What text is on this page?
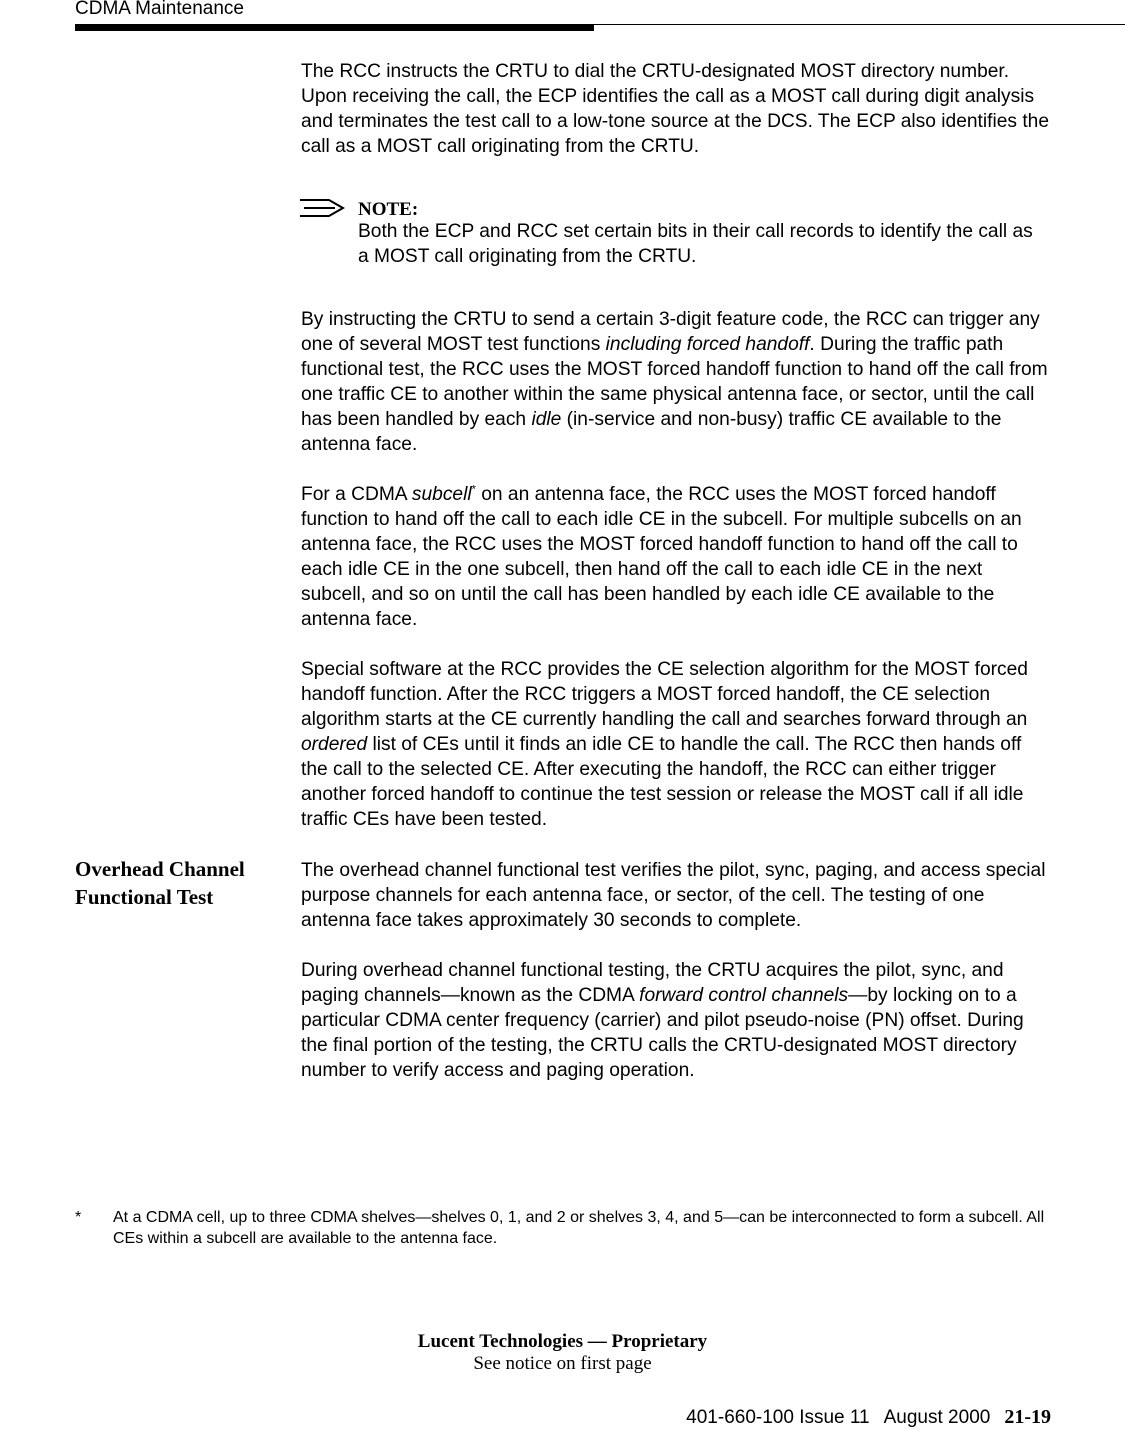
CDMA Maintenance

The RCC instructs the CRTU to dial the CRTU-designated MOST directory number. Upon receiving the call, the ECP identifies the call as a MOST call during digit analysis and terminates the test call to a low-tone source at the DCS. The ECP also identifies the call as a MOST call originating from the CRTU.

NOTE:

Both the ECP and RCC set certain bits in their call records to identify the call as a MOST call originating from the CRTU.

By instructing the CRTU to send a certain 3-digit feature code, the RCC can trigger any one of several MOST test functions including forced handoff. During the traffic path functional test, the RCC uses the MOST forced handoff function to hand off the call from one traffic CE to another within the same physical antenna face, or sector, until the call has been handled by each idle (in-service and non-busy) traffic CE available to the antenna face.

For a CDMA subcell* on an antenna face, the RCC uses the MOST forced handoff function to hand off the call to each idle CE in the subcell. For multiple subcells on an antenna face, the RCC uses the MOST forced handoff function to hand off the call to each idle CE in the one subcell, then hand off the call to each idle CE in the next subcell, and so on until the call has been handled by each idle CE available to the antenna face.

Special software at the RCC provides the CE selection algorithm for the MOST forced handoff function. After the RCC triggers a MOST forced handoff, the CE selection algorithm starts at the CE currently handling the call and searches forward through an ordered list of CEs until it finds an idle CE to handle the call. The RCC then hands off the call to the selected CE. After executing the handoff, the RCC can either trigger another forced handoff to continue the test session or release the MOST call if all idle traffic CEs have been tested.

Overhead Channel
Functional Test

The overhead channel functional test verifies the pilot, sync, paging, and access special purpose channels for each antenna face, or sector, of the cell. The testing of one antenna face takes approximately 30 seconds to complete.

During overhead channel functional testing, the CRTU acquires the pilot, sync, and paging channels—known as the CDMA forward control channels—by locking on to a particular CDMA center frequency (carrier) and pilot pseudo-noise (PN) offset. During the final portion of the testing, the CRTU calls the CRTU-designated MOST directory number to verify access and paging operation.

* At a CDMA cell, up to three CDMA shelves—shelves 0, 1, and 2 or shelves 3, 4, and 5—can be interconnected to form a subcell. All CEs within a subcell are available to the antenna face.

Lucent Technologies — Proprietary
See notice on first page
401-660-100 Issue 11 August 2000 21-19
